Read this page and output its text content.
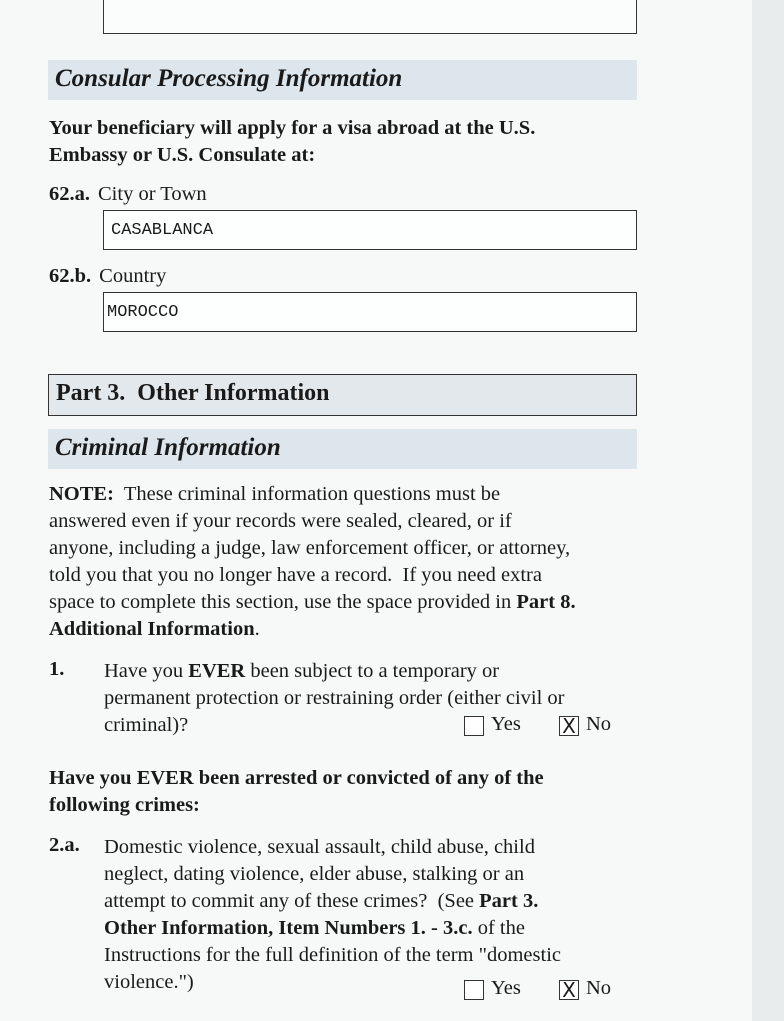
Consular Processing Information
Your beneficiary will apply for a visa abroad at the U.S.
Embassy or U.S. Consulate at:
62.a. City or Town
CASABLANCA
62.b. Country
MOROCCO
Part 3.  Other Information
Criminal Information
NOTE:  These criminal information questions must be
answered even if your records were sealed, cleared, or if
anyone, including a judge, law enforcement officer, or attorney,
told you that you no longer have a record.  If you need extra
space to complete this section, use the space provided in Part 8.
Additional Information.
1. Have you EVER been subject to a temporary or
permanent protection or restraining order (either civil or
criminal)?	Yes X No
Have you EVER been arrested or convicted of any of the
following crimes:
2.a. Domestic violence, sexual assault, child abuse, child
neglect, dating violence, elder abuse, stalking or an
attempt to commit any of these crimes?  (See Part 3.
Other Information, Item Numbers 1. - 3.c. of the
Instructions for the full definition of the term "domestic
violence.")	Yes X No
